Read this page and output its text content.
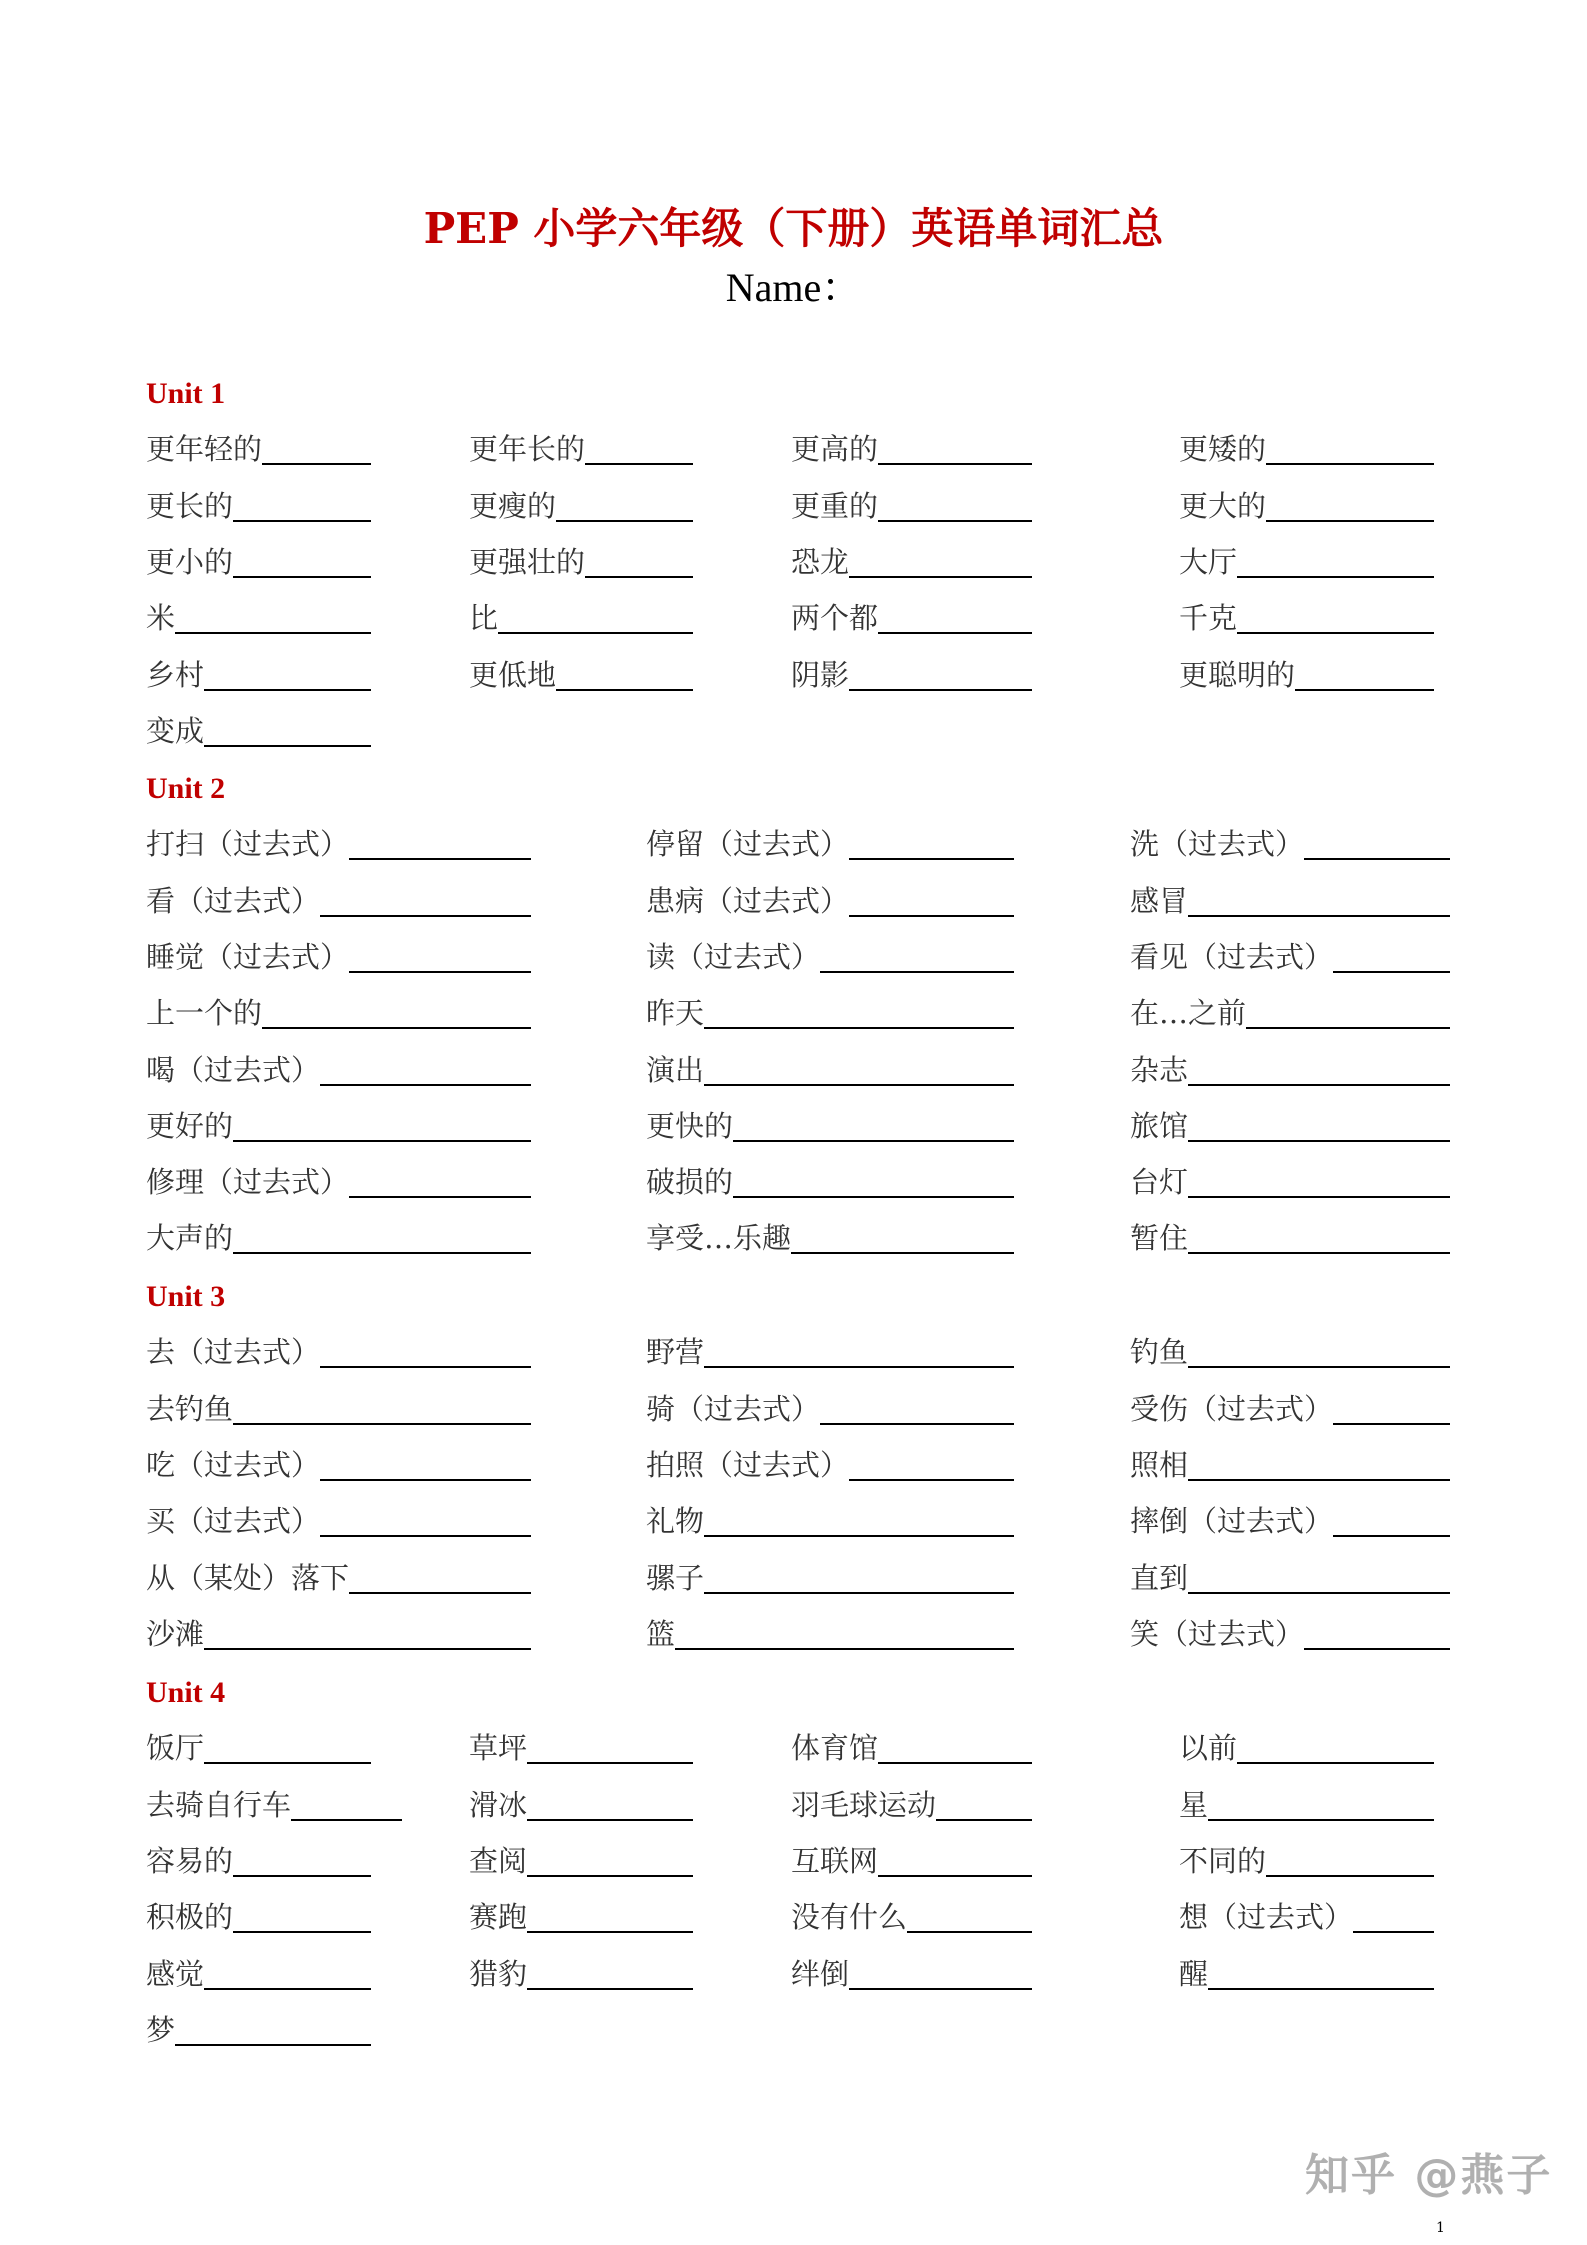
PEP 小学六年级（下册）英语单词汇总
Name：
Unit 1
更年轻的	更年长的	更高的	更矮的
更长的	更瘦的	更重的	更大的
更小的	更强壮的	恐龙	大厅
米	比	两个都	千克
乡村	更低地	阴影	更聪明的
变成
Unit 2
打扫（过去式）	停留（过去式）	洗（过去式）
看（过去式）	患病（过去式）	感冒
睡觉（过去式）	读（过去式）	看见（过去式）
上一个的	昨天	在…之前
喝（过去式）	演出	杂志
更好的	更快的	旅馆
修理（过去式）	破损的	台灯
大声的	享受…乐趣	暂住
Unit 3
去（过去式）	野营	钓鱼
去钓鱼	骑（过去式）	受伤（过去式）
吃（过去式）	拍照（过去式）	照相
买（过去式）	礼物	摔倒（过去式）
从（某处）落下	骡子	直到
沙滩	篮	笑（过去式）
Unit 4
饭厅	草坪	体育馆	以前
去骑自行车	滑冰	羽毛球运动	星
容易的	查阅	互联网	不同的
积极的	赛跑	没有什么	想（过去式）
感觉	猎豹	绊倒	醒
梦
知乎 @燕子
1
